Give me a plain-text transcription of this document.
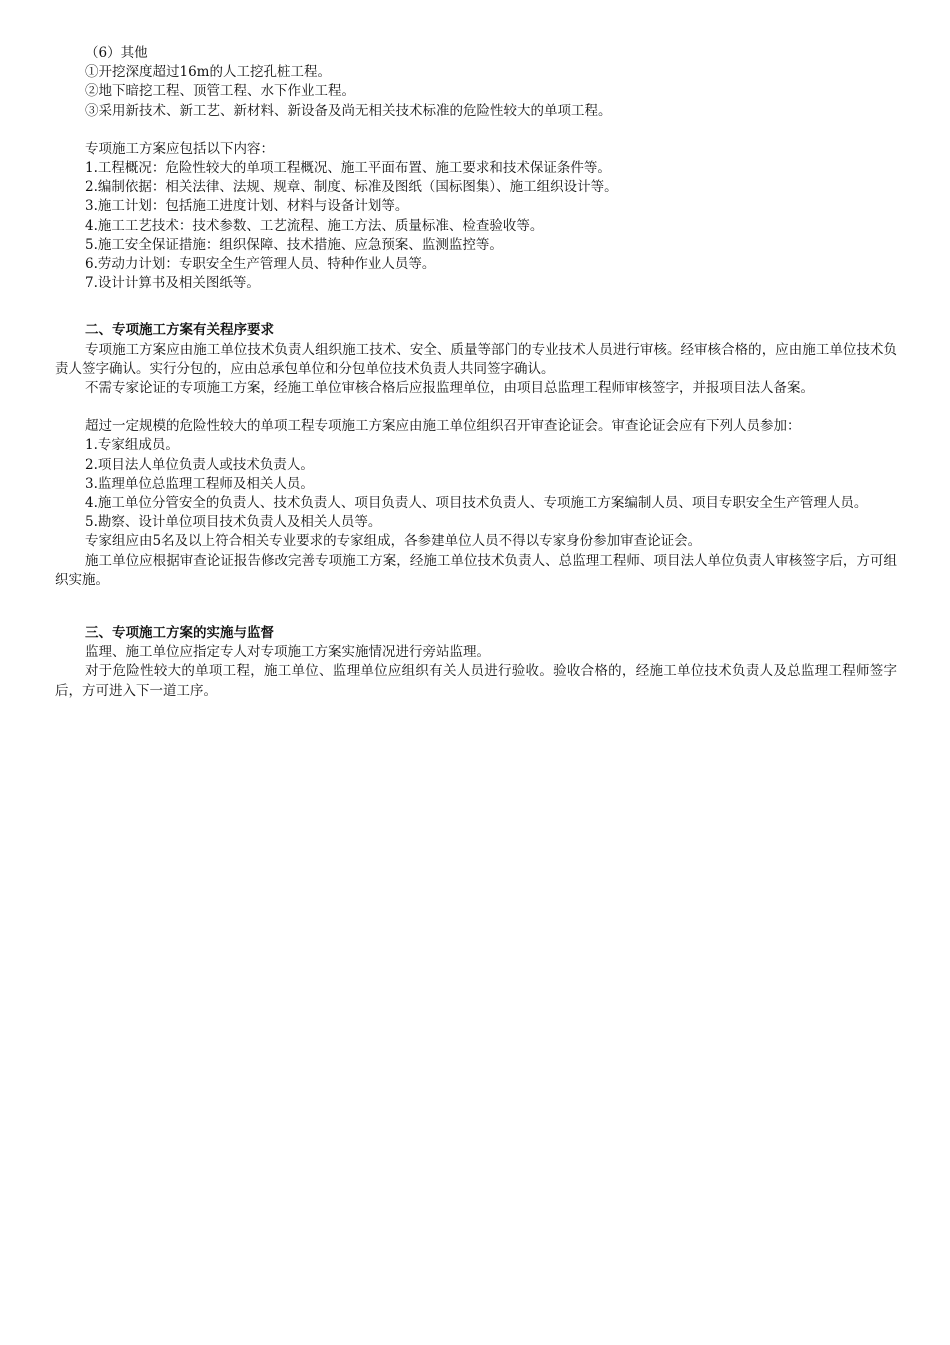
（6）其他

①开挖深度超过16m的人工挖孔桩工程。

②地下暗挖工程、顶管工程、水下作业工程。

③采用新技术、新工艺、新材料、新设备及尚无相关技术标准的危险性较大的单项工程。

专项施工方案应包括以下内容：

1.工程概况：危险性较大的单项工程概况、施工平面布置、施工要求和技术保证条件等。

2.编制依据：相关法律、法规、规章、制度、标准及图纸（国标图集）、施工组织设计等。

3.施工计划：包括施工进度计划、材料与设备计划等。

4.施工工艺技术：技术参数、工艺流程、施工方法、质量标准、检查验收等。

5.施工安全保证措施：组织保障、技术措施、应急预案、监测监控等。

6.劳动力计划：专职安全生产管理人员、特种作业人员等。

7.设计计算书及相关图纸等。

二、专项施工方案有关程序要求

专项施工方案应由施工单位技术负责人组织施工技术、安全、质量等部门的专业技术人员进行审核。经审核合格的，应由施工单位技术负责人签字确认。实行分包的，应由总承包单位和分包单位技术负责人共同签字确认。

不需专家论证的专项施工方案，经施工单位审核合格后应报监理单位，由项目总监理工程师审核签字，并报项目法人备案。

超过一定规模的危险性较大的单项工程专项施工方案应由施工单位组织召开审查论证会。审查论证会应有下列人员参加：

1.专家组成员。

2.项目法人单位负责人或技术负责人。

3.监理单位总监理工程师及相关人员。

4.施工单位分管安全的负责人、技术负责人、项目负责人、项目技术负责人、专项施工方案编制人员、项目专职安全生产管理人员。

5.勘察、设计单位项目技术负责人及相关人员等。

专家组应由5名及以上符合相关专业要求的专家组成，各参建单位人员不得以专家身份参加审查论证会。

施工单位应根据审查论证报告修改完善专项施工方案，经施工单位技术负责人、总监理工程师、项目法人单位负责人审核签字后，方可组织实施。

三、专项施工方案的实施与监督

监理、施工单位应指定专人对专项施工方案实施情况进行旁站监理。

对于危险性较大的单项工程，施工单位、监理单位应组织有关人员进行验收。验收合格的，经施工单位技术负责人及总监理工程师签字后，方可进入下一道工序。
